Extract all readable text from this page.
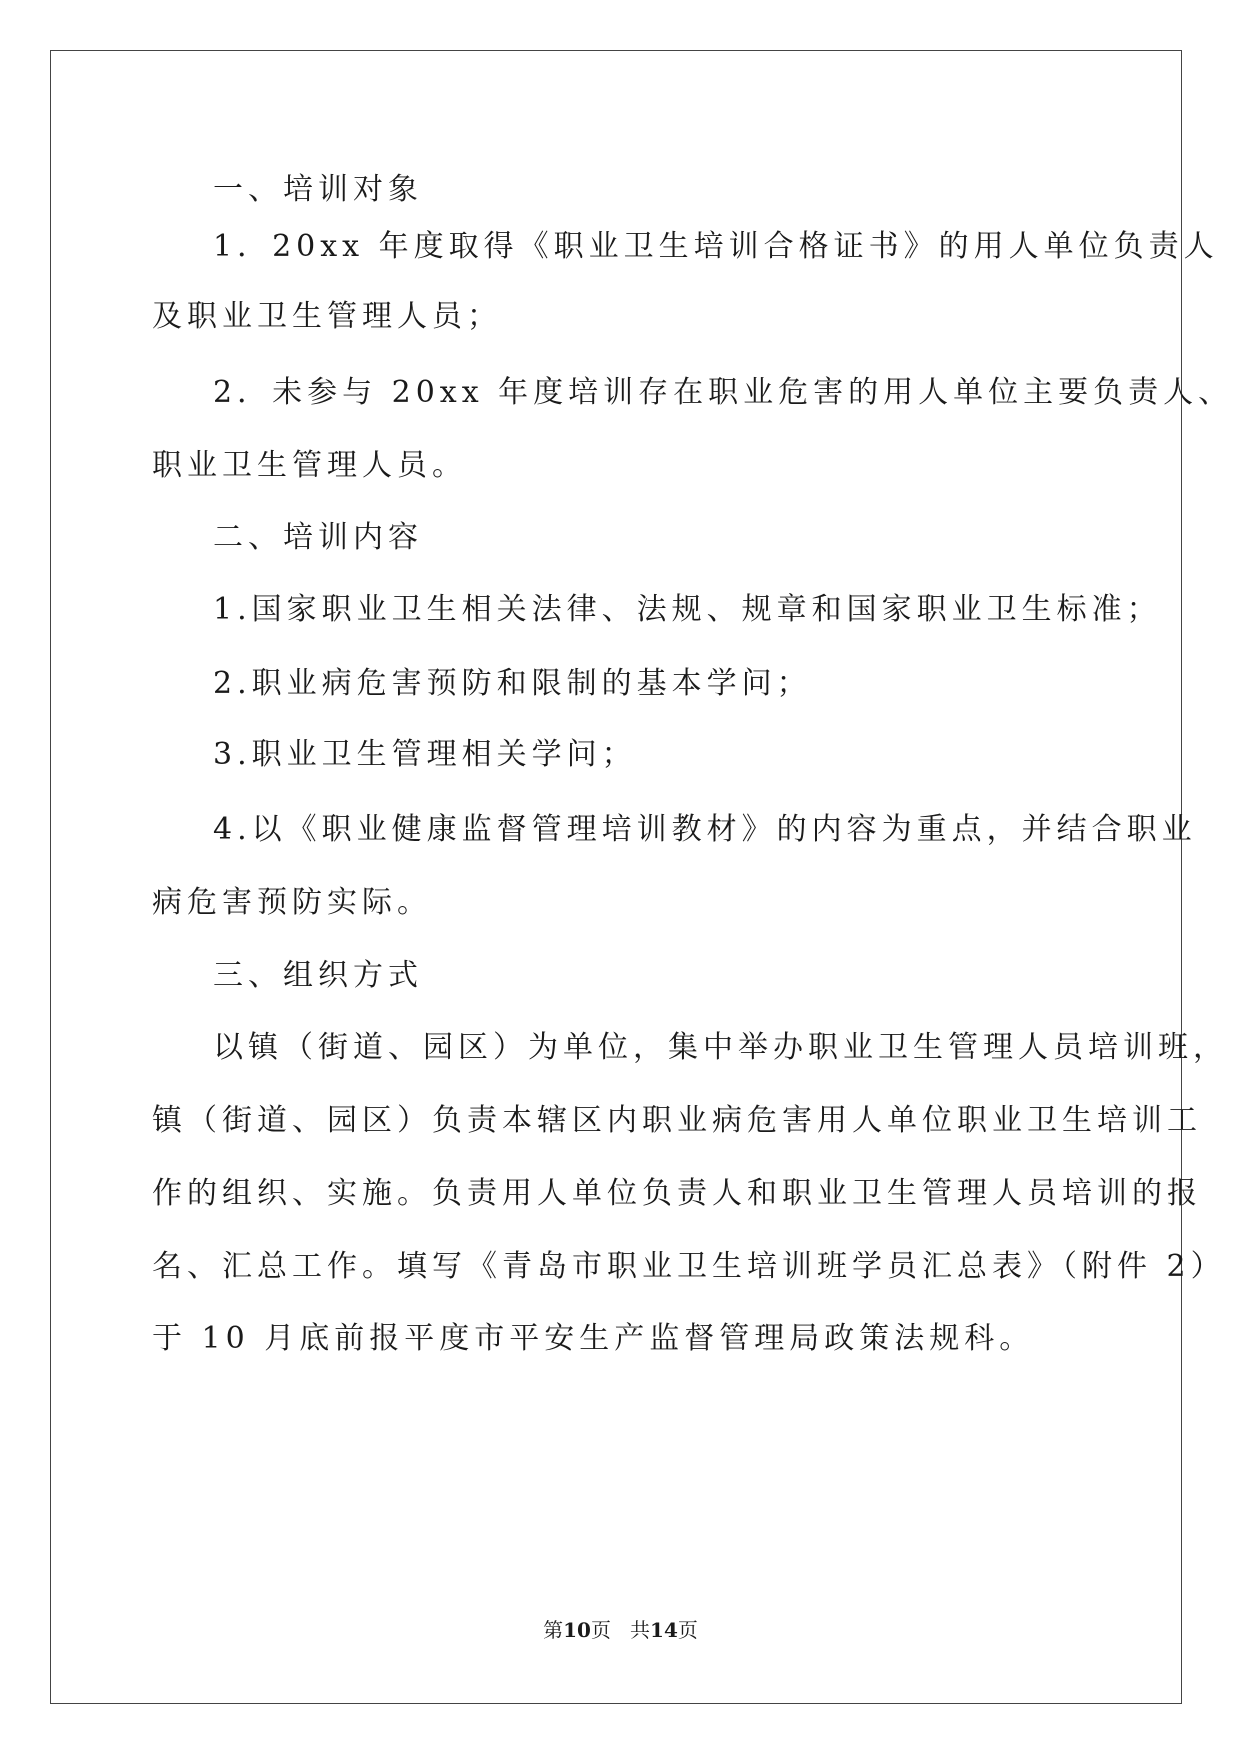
一、培训对象
1．20xx 年度取得《职业卫生培训合格证书》的用人单位负责人
及职业卫生管理人员；
2．未参与 20xx 年度培训存在职业危害的用人单位主要负责人、
职业卫生管理人员。
二、培训内容
1.国家职业卫生相关法律、法规、规章和国家职业卫生标准；
2.职业病危害预防和限制的基本学问；
3.职业卫生管理相关学问；
4.以《职业健康监督管理培训教材》的内容为重点，并结合职业
病危害预防实际。
三、组织方式
以镇（街道、园区）为单位，集中举办职业卫生管理人员培训班，
镇（街道、园区）负责本辖区内职业病危害用人单位职业卫生培训工
作的组织、实施。负责用人单位负责人和职业卫生管理人员培训的报
名、汇总工作。填写《青岛市职业卫生培训班学员汇总表》（附件 2）
于 10 月底前报平度市平安生产监督管理局政策法规科。
第10页 共14页
